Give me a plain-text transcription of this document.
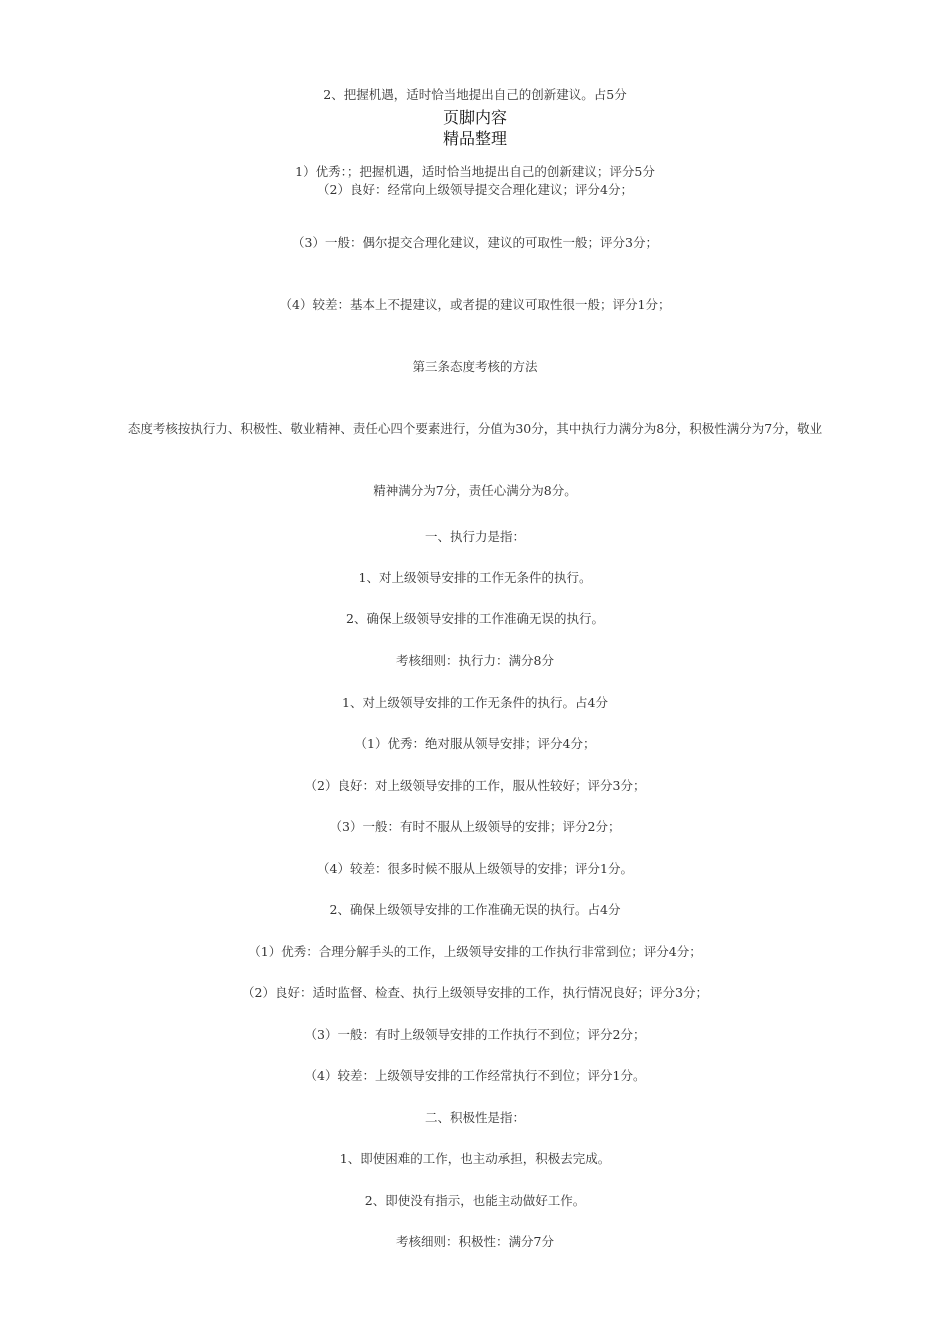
2、把握机遇，适时恰当地提出自己的创新建议。占5分
页脚内容
精品整理
1）优秀：；把握机遇，适时恰当地提出自己的创新建议；评分5分
（2）良好：经常向上级领导提交合理化建议；评分4分；
（3）一般：偶尔提交合理化建议，建议的可取性一般；评分3分；
（4）较差：基本上不提建议，或者提的建议可取性很一般；评分1分；
第三条态度考核的方法
态度考核按执行力、积极性、敬业精神、责任心四个要素进行，分值为30分，其中执行力满分为8分，积极性满分为7分，敬业
精神满分为7分，责任心满分为8分。
一、执行力是指：
1、对上级领导安排的工作无条件的执行。
2、确保上级领导安排的工作准确无误的执行。
考核细则：执行力：满分8分
1、对上级领导安排的工作无条件的执行。占4分
（1）优秀：绝对服从领导安排；评分4分；
（2）良好：对上级领导安排的工作，服从性较好；评分3分；
（3）一般：有时不服从上级领导的安排；评分2分；
（4）较差：很多时候不服从上级领导的安排；评分1分。
2、确保上级领导安排的工作准确无误的执行。占4分
（1）优秀：合理分解手头的工作，上级领导安排的工作执行非常到位；评分4分；
（2）良好：适时监督、检查、执行上级领导安排的工作，执行情况良好；评分3分；
（3）一般：有时上级领导安排的工作执行不到位；评分2分；
（4）较差：上级领导安排的工作经常执行不到位；评分1分。
二、积极性是指：
1、即使困难的工作，也主动承担，积极去完成。
2、即使没有指示，也能主动做好工作。
考核细则：积极性：满分7分
